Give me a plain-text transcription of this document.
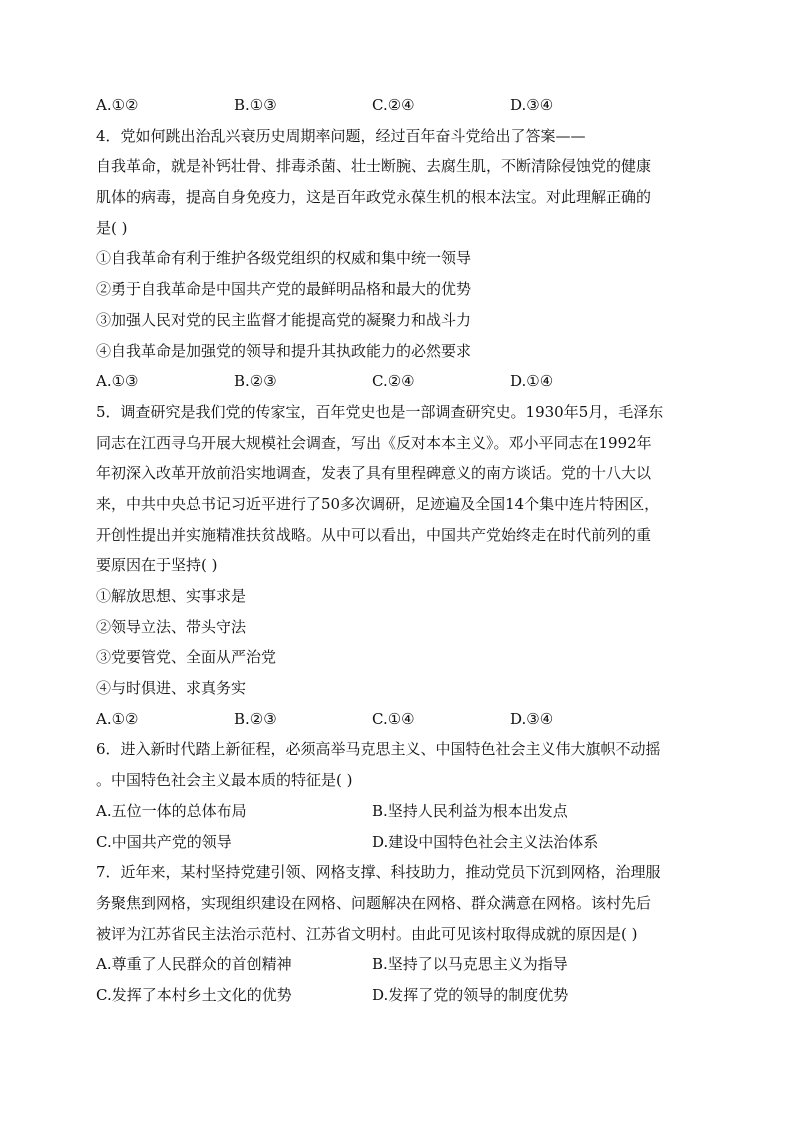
A.①②	B.①③	C.②④	D.③④
4．党如何跳出治乱兴衰历史周期率问题，经过百年奋斗党给出了答案——
自我革命，就是补钙壮骨、排毒杀菌、壮士断腕、去腐生肌，不断清除侵蚀党的健康
肌体的病毒，提高自身免疫力，这是百年政党永葆生机的根本法宝。对此理解正确的
是( )
①自我革命有利于维护各级党组织的权威和集中统一领导
②勇于自我革命是中国共产党的最鲜明品格和最大的优势
③加强人民对党的民主监督才能提高党的凝聚力和战斗力
④自我革命是加强党的领导和提升其执政能力的必然要求
A.①③	B.②③	C.②④	D.①④
5．调查研究是我们党的传家宝，百年党史也是一部调查研究史。1930年5月，毛泽东
同志在江西寻乌开展大规模社会调查，写出《反对本本主义》。邓小平同志在1992年
年初深入改革开放前沿实地调查，发表了具有里程碑意义的南方谈话。党的十八大以
来，中共中央总书记习近平进行了50多次调研，足迹遍及全国14个集中连片特困区，
开创性提出并实施精准扶贫战略。从中可以看出，中国共产党始终走在时代前列的重
要原因在于坚持( )
①解放思想、实事求是
②领导立法、带头守法
③党要管党、全面从严治党
④与时俱进、求真务实
A.①②	B.②③	C.①④	D.③④
6．进入新时代踏上新征程，必须高举马克思主义、中国特色社会主义伟大旗帜不动摇
。中国特色社会主义最本质的特征是( )
A.五位一体的总体布局	B.坚持人民利益为根本出发点
C.中国共产党的领导	D.建设中国特色社会主义法治体系
7．近年来，某村坚持党建引领、网格支撑、科技助力，推动党员下沉到网格，治理服
务聚焦到网格，实现组织建设在网格、问题解决在网格、群众满意在网格。该村先后
被评为江苏省民主法治示范村、江苏省文明村。由此可见该村取得成就的原因是( )
A.尊重了人民群众的首创精神	B.坚持了以马克思主义为指导
C.发挥了本村乡土文化的优势	D.发挥了党的领导的制度优势
